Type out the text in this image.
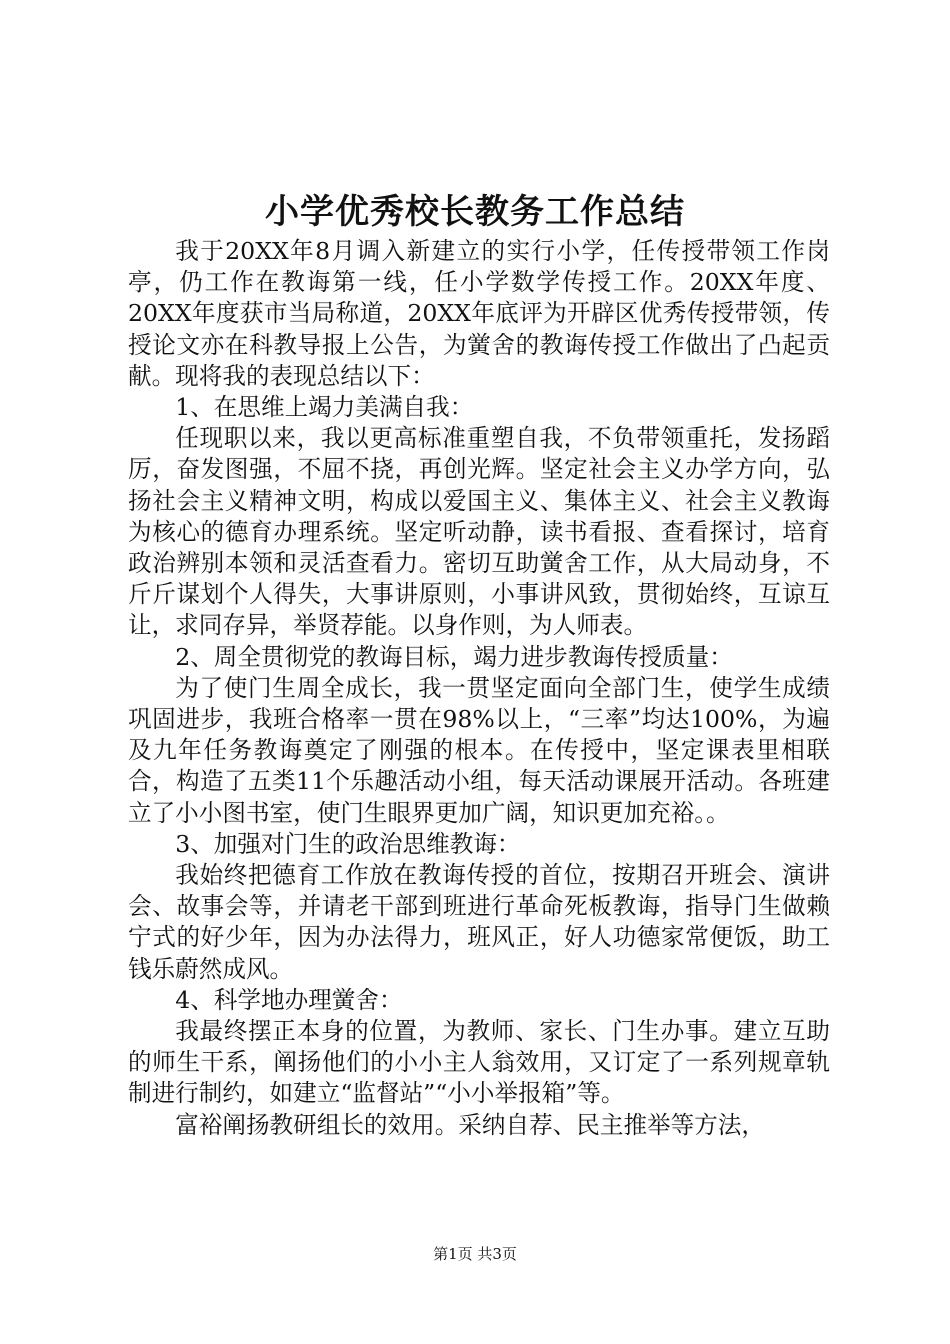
小学优秀校长教务工作总结

我于20XX年8月调入新建立的实行小学，任传授带领工作岗亭，仍工作在教诲第一线，任小学数学传授工作。20XX年度、20XX年度获市当局称道，20XX年底评为开辟区优秀传授带领，传授论文亦在科教导报上公告，为黉舍的教诲传授工作做出了凸起贡献。现将我的表现总结以下：

1、在思维上竭力美满自我：

任现职以来，我以更高标准重塑自我，不负带领重托，发扬蹈厉，奋发图强，不屈不挠，再创光辉。坚定社会主义办学方向，弘扬社会主义精神文明，构成以爱国主义、集体主义、社会主义教诲为核心的德育办理系统。坚定听动静，读书看报、查看探讨，培育政治辨别本领和灵活查看力。密切互助黉舍工作，从大局动身，不斤斤谋划个人得失，大事讲原则，小事讲风致，贯彻始终，互谅互让，求同存异，举贤荐能。以身作则，为人师表。

2、周全贯彻党的教诲目标，竭力进步教诲传授质量：

为了使门生周全成长，我一贯坚定面向全部门生，使学生成绩巩固进步，我班合格率一贯在98%以上，“三率”均达100%，为遍及九年任务教诲奠定了刚强的根本。在传授中，坚定课表里相联合，构造了五类11个乐趣活动小组，每天活动课展开活动。各班建立了小小图书室，使门生眼界更加广阔，知识更加充裕。。

3、加强对门生的政治思维教诲：

我始终把德育工作放在教诲传授的首位，按期召开班会、演讲会、故事会等，并请老干部到班进行革命死板教诲，指导门生做赖宁式的好少年，因为办法得力，班风正，好人功德家常便饭，助工钱乐蔚然成风。

4、科学地办理黉舍：

我最终摆正本身的位置，为教师、家长、门生办事。建立互助的师生干系，阐扬他们的小小主人翁效用，又订定了一系列规章轨制进行制约，如建立“监督站”“小小举报箱”等。

富裕阐扬教研组长的效用。采纳自荐、民主推举等方法，

第1页 共3页
